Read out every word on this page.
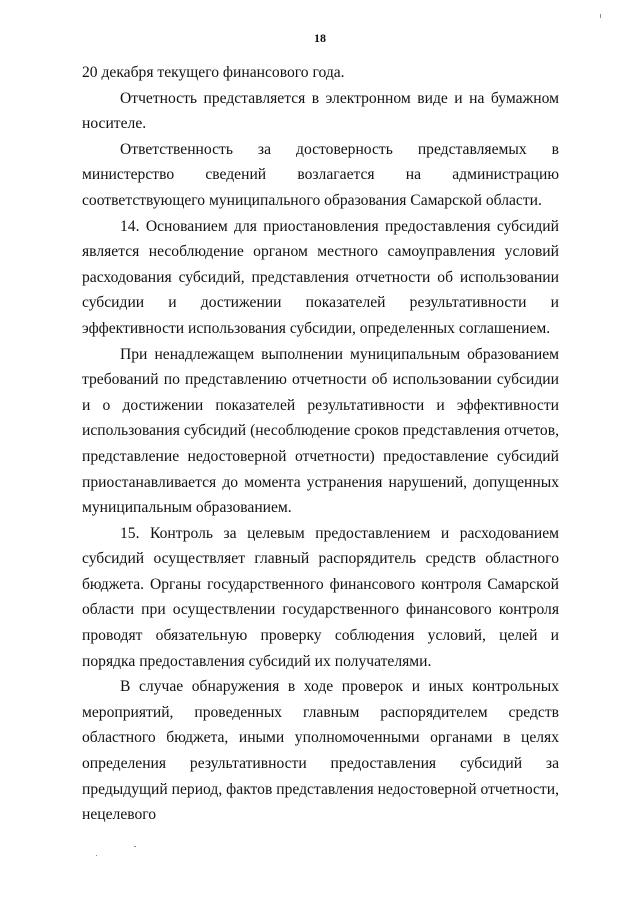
18

20 декабря текущего финансового года.

Отчетность представляется в электронном виде и на бумажном носителе.

Ответственность за достоверность представляемых в министерство сведений возлагается на администрацию соответствующего муниципального образования Самарской области.

14. Основанием для приостановления предоставления субсидий является несоблюдение органом местного самоуправления условий расходования субсидий, представления отчетности об использовании субсидии и достижении показателей результативности и эффективности использования субсидии, определенных соглашением.

При ненадлежащем выполнении муниципальным образованием требований по представлению отчетности об использовании субсидии и о достижении показателей результативности и эффективности использования субсидий (несоблюдение сроков представления отчетов, представление недостоверной отчетности) предоставление субсидий приостанавливается до момента устранения нарушений, допущенных муниципальным образованием.

15. Контроль за целевым предоставлением и расходованием субсидий осуществляет главный распорядитель средств областного бюджета. Органы государственного финансового контроля Самарской области при осуществлении государственного финансового контроля проводят обязательную проверку соблюдения условий, целей и порядка предоставления субсидий их получателями.

В случае обнаружения в ходе проверок и иных контрольных мероприятий, проведенных главным распорядителем средств областного бюджета, иными уполномоченными органами в целях определения результативности предоставления субсидий за предыдущий период, фактов представления недостоверной отчетности, нецелевого
